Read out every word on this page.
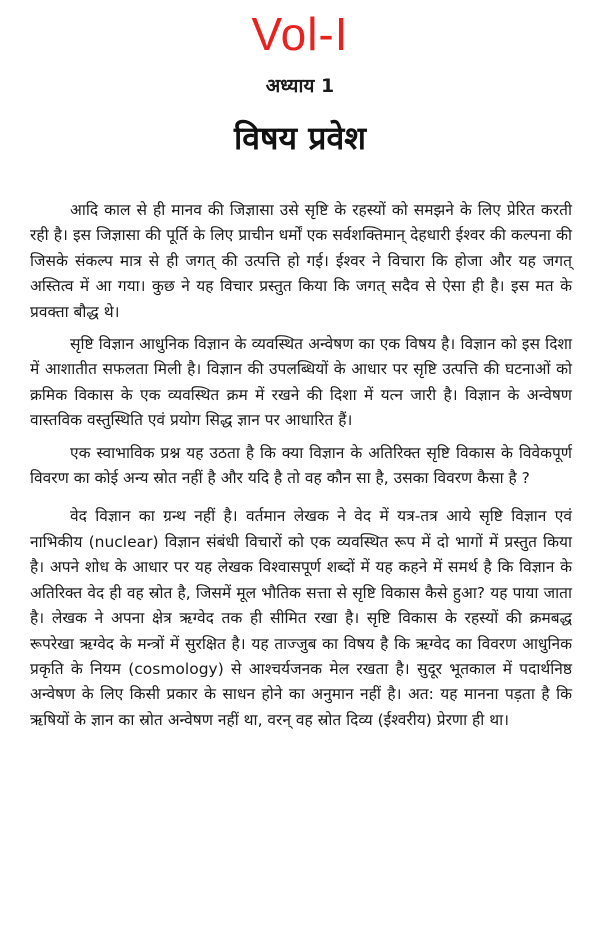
Vol-I
अध्याय 1
विषय प्रवेश

आदि काल से ही मानव की जिज्ञासा उसे सृष्टि के रहस्यों को समझने के लिए प्रेरित करती रही है। इस जिज्ञासा की पूर्ति के लिए प्राचीन धर्मों एक सर्वशक्तिमान् देहधारी ईश्वर की कल्पना की जिसके संकल्प मात्र से ही जगत् की उत्पत्ति हो गई। ईश्वर ने विचारा कि होजा और यह जगत् अस्तित्व में आ गया। कुछ ने यह विचार प्रस्तुत किया कि जगत् सदैव से ऐसा ही है। इस मत के प्रवक्ता बौद्ध थे।

सृष्टि विज्ञान आधुनिक विज्ञान के व्यवस्थित अन्वेषण का एक विषय है। विज्ञान को इस दिशा में आशातीत सफलता मिली है। विज्ञान की उपलब्धियों के आधार पर सृष्टि उत्पत्ति की घटनाओं को क्रमिक विकास के एक व्यवस्थित क्रम में रखने की दिशा में यत्न जारी है। विज्ञान के अन्वेषण वास्तविक वस्तुस्थिति एवं प्रयोग सिद्ध ज्ञान पर आधारित हैं।

एक स्वाभाविक प्रश्न यह उठता है कि क्या विज्ञान के अतिरिक्त सृष्टि विकास के विवेकपूर्ण विवरण का कोई अन्य स्रोत नहीं है और यदि है तो वह कौन सा है, उसका विवरण कैसा है ?

वेद विज्ञान का ग्रन्थ नहीं है। वर्तमान लेखक ने वेद में यत्र-तत्र आये सृष्टि विज्ञान एवं नाभिकीय (nuclear) विज्ञान संबंधी विचारों को एक व्यवस्थित रूप में दो भागों में प्रस्तुत किया है। अपने शोध के आधार पर यह लेखक विश्वासपूर्ण शब्दों में यह कहने में समर्थ है कि विज्ञान के अतिरिक्त वेद ही वह स्रोत है, जिसमें मूल भौतिक सत्ता से सृष्टि विकास कैसे हुआ? यह पाया जाता है। लेखक ने अपना क्षेत्र ऋग्वेद तक ही सीमित रखा है। सृष्टि विकास के रहस्यों की क्रमबद्ध रूपरेखा ऋग्वेद के मन्त्रों में सुरक्षित है। यह ताज्जुब का विषय है कि ऋग्वेद का विवरण आधुनिक प्रकृति के नियम (cosmology) से आश्चर्यजनक मेल रखता है। सुदूर भूतकाल में पदार्थनिष्ठ अन्वेषण के लिए किसी प्रकार के साधन होने का अनुमान नहीं है। अत: यह मानना पड़ता है कि ऋषियों के ज्ञान का स्रोत अन्वेषण नहीं था, वरन् वह स्रोत दिव्य (ईश्वरीय) प्रेरणा ही था।
